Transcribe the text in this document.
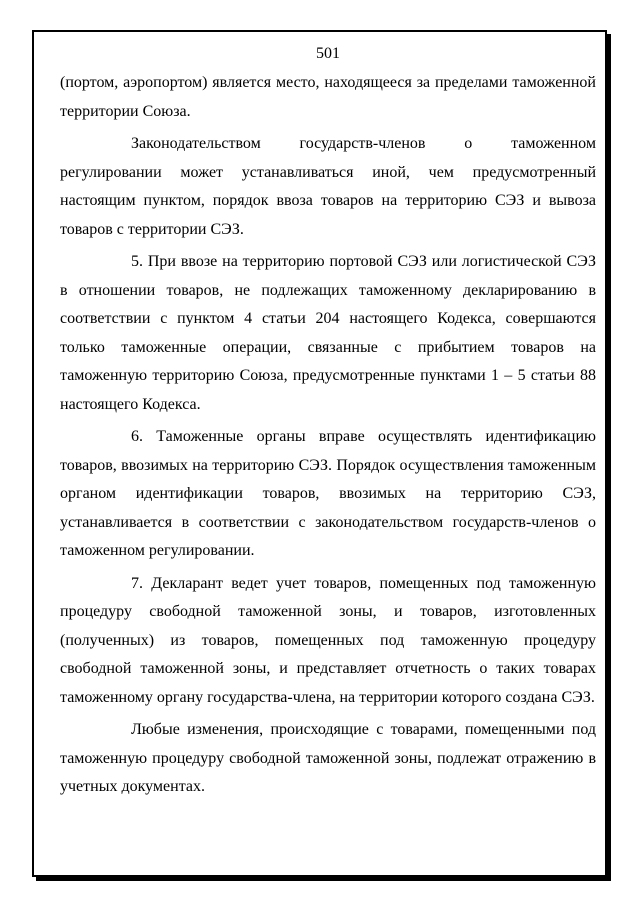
501

(портом, аэропортом) является место, находящееся за пределами таможенной территории Союза.

Законодательством государств-членов о таможенном регулировании может устанавливаться иной, чем предусмотренный настоящим пунктом, порядок ввоза товаров на территорию СЭЗ и вывоза товаров с территории СЭЗ.

5. При ввозе на территорию портовой СЭЗ или логистической СЭЗ в отношении товаров, не подлежащих таможенному декларированию в соответствии с пунктом 4 статьи 204 настоящего Кодекса, совершаются только таможенные операции, связанные с прибытием товаров на таможенную территорию Союза, предусмотренные пунктами 1 – 5 статьи 88 настоящего Кодекса.

6. Таможенные органы вправе осуществлять идентификацию товаров, ввозимых на территорию СЭЗ. Порядок осуществления таможенным органом идентификации товаров, ввозимых на территорию СЭЗ, устанавливается в соответствии с законодательством государств-членов о таможенном регулировании.

7. Декларант ведет учет товаров, помещенных под таможенную процедуру свободной таможенной зоны, и товаров, изготовленных (полученных) из товаров, помещенных под таможенную процедуру свободной таможенной зоны, и представляет отчетность о таких товарах таможенному органу государства-члена, на территории которого создана СЭЗ.

Любые изменения, происходящие с товарами, помещенными под таможенную процедуру свободной таможенной зоны, подлежат отражению в учетных документах.
